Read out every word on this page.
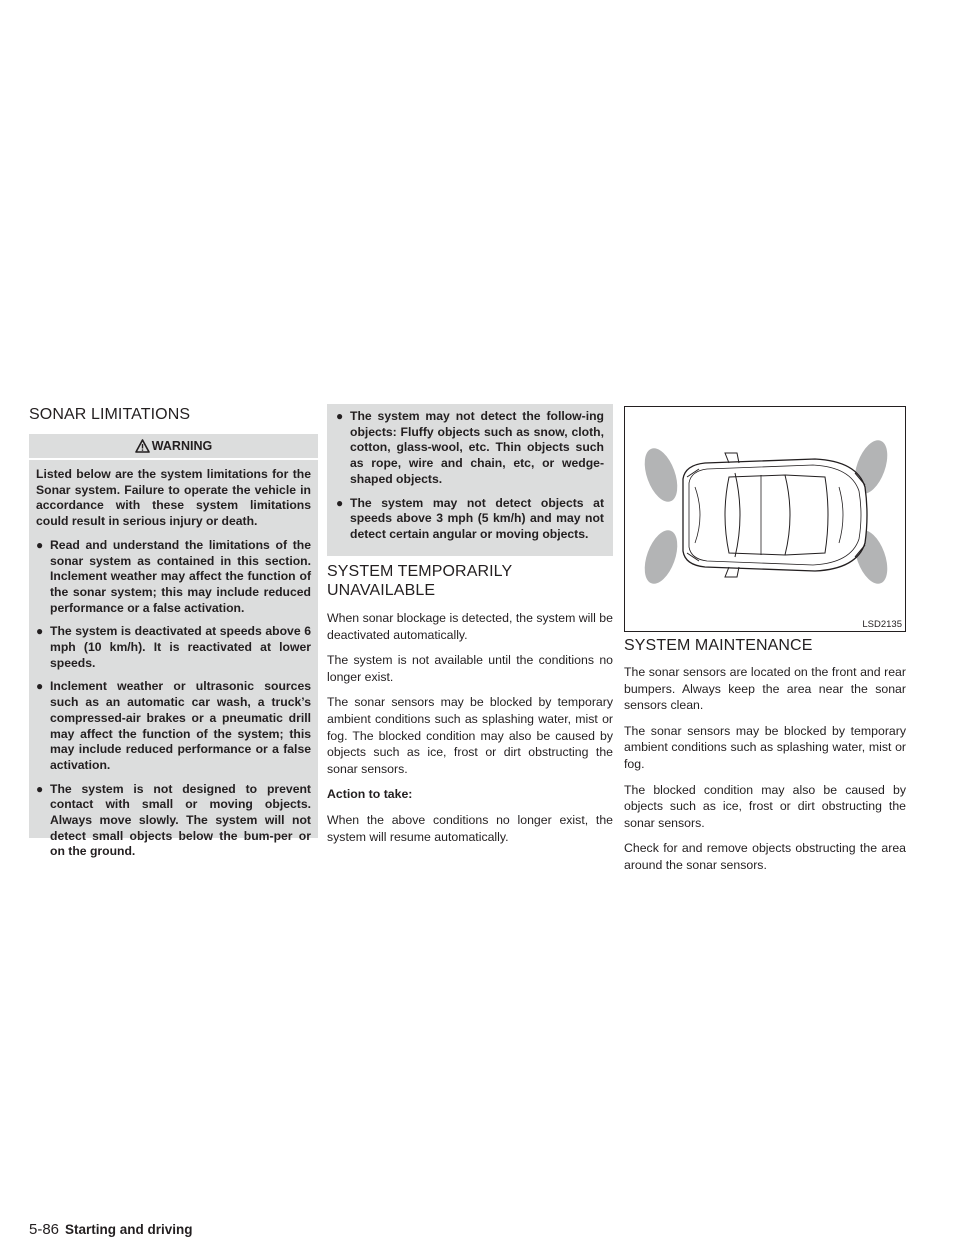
SONAR LIMITATIONS
WARNING
Listed below are the system limitations for the Sonar system. Failure to operate the vehicle in accordance with these system limitations could result in serious injury or death.
● Read and understand the limitations of the sonar system as contained in this section. Inclement weather may affect the function of the sonar system; this may include reduced performance or a false activation.
● The system is deactivated at speeds above 6 mph (10 km/h). It is reactivated at lower speeds.
● Inclement weather or ultrasonic sources such as an automatic car wash, a truck’s compressed-air brakes or a pneumatic drill may affect the function of the system; this may include reduced performance or a false activation.
● The system is not designed to prevent contact with small or moving objects. Always move slowly. The system will not detect small objects below the bum-per or on the ground.
● The system may not detect the follow-ing objects: Fluffy objects such as snow, cloth, cotton, glass-wool, etc. Thin objects such as rope, wire and chain, etc, or wedge-shaped objects.
● The system may not detect objects at speeds above 3 mph (5 km/h) and may not detect certain angular or moving objects.
SYSTEM TEMPORARILY UNAVAILABLE

When sonar blockage is detected, the system will be deactivated automatically.

The system is not available until the conditions no longer exist.

The sonar sensors may be blocked by temporary ambient conditions such as splashing water, mist or fog. The blocked condition may also be caused by objects such as ice, frost or dirt obstructing the sonar sensors.

Action to take:

When the above conditions no longer exist, the system will resume automatically.

LSD2135
SYSTEM MAINTENANCE

The sonar sensors are located on the front and rear bumpers. Always keep the area near the sonar sensors clean.

The sonar sensors may be blocked by temporary ambient conditions such as splashing water, mist or fog.

The blocked condition may also be caused by objects such as ice, frost or dirt obstructing the sonar sensors.

Check for and remove objects obstructing the area around the sonar sensors.

5-86 Starting and driving
